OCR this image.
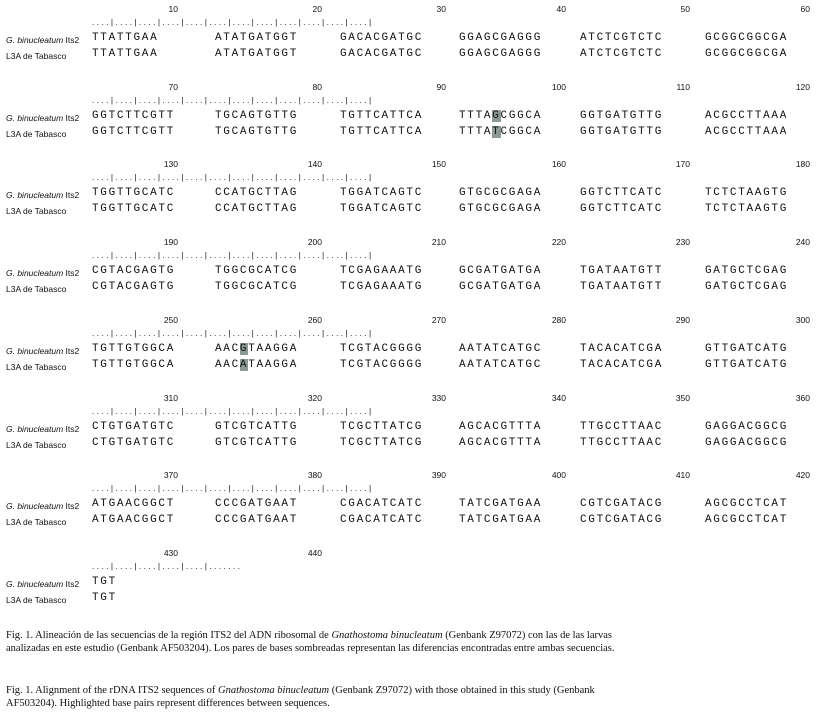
10	20	30	40	50	60
. . . . | . . . . | . . . . | . . . . | . . . . | . . . . | . . . . | . . . . | . . . . | . . . . | . . . . | . . . . |
G. binucleatum Its2
L3A de Tabasco
TTATTGAA	ATATGATGGT	GACACGATGC	GGAGCGAGGG	ATCTCGTCTC	GCGGCGGCGA
TTATTGAA	ATATGATGGT	GACACGATGC	GGAGCGAGGG	ATCTCGTCTC	GCGGCGGCGA
70	80	90	100	110	120
. . . . | . . . . | . . . . | . . . . | . . . . | . . . . | . . . . | . . . . | . . . . | . . . . | . . . . | . . . . |
G. binucleatum Its2
L3A de Tabasco
GGTCTTCGTT	TGCAGTGTTG	TGTTCATTCA	TTTAGCGGCA	GGTGATGTTG	ACGCCTTAAA
GGTCTTCGTT	TGCAGTGTTG	TGTTCATTCA	TTTATCGGCA	GGTGATGTTG	ACGCCTTAAA
130	140	150	160	170	180
. . . . | . . . . | . . . . | . . . . | . . . . | . . . . | . . . . | . . . . | . . . . | . . . . | . . . . | . . . . |
G. binucleatum Its2
L3A de Tabasco
TGGTTGCATC	CCATGCTTAG	TGGATCAGTC	GTGCGCGAGA	GGTCTTCATC	TCTCTAAGTG
TGGTTGCATC	CCATGCTTAG	TGGATCAGTC	GTGCGCGAGA	GGTCTTCATC	TCTCTAAGTG
190	200	210	220	230	240
. . . . | . . . . | . . . . | . . . . | . . . . | . . . . | . . . . | . . . . | . . . . | . . . . | . . . . | . . . . |
G. binucleatum Its2
L3A de Tabasco
CGTACGAGTG	TGGCGCATCG	TCGAGAAATG	GCGATGATGA	TGATAATGTT	GATGCTCGAG
CGTACGAGTG	TGGCGCATCG	TCGAGAAATG	GCGATGATGA	TGATAATGTT	GATGCTCGAG
250	260	270	280	290	300
. . . . | . . . . | . . . . | . . . . | . . . . | . . . . | . . . . | . . . . | . . . . | . . . . | . . . . | . . . . |
G. binucleatum Its2
L3A de Tabasco
TGTTGTGGCA	AACGTAAGGA	TCGTACGGGG	AATATCATGC	TACACATCGA	GTTGATCATG
TGTTGTGGCA	AACATAAGGA	TCGTACGGGG	AATATCATGC	TACACATCGA	GTTGATCATG
310	320	330	340	350	360
. . . . | . . . . | . . . . | . . . . | . . . . | . . . . | . . . . | . . . . | . . . . | . . . . | . . . . | . . . . |
G. binucleatum Its2
L3A de Tabasco
CTGTGATGTC	GTCGTCATTG	TCGCTTATCG	AGCACGTTTA	TTGCCTTAAC	GAGGACGGCG
CTGTGATGTC	GTCGTCATTG	TCGCTTATCG	AGCACGTTTA	TTGCCTTAAC	GAGGACGGCG
370	380	390	400	410	420
. . . . | . . . . | . . . . | . . . . | . . . . | . . . . | . . . . | . . . . | . . . . | . . . . | . . . . | . . . . |
G. binucleatum Its2
L3A de Tabasco
ATGAACGGCT	CCCGATGAAT	CGACATCATC	TATCGATGAA	CGTCGATACG	AGCGCCTCAT
ATGAACGGCT	CCCGATGAAT	CGACATCATC	TATCGATGAA	CGTCGATACG	AGCGCCTCAT
430	440
. . . . | . . . . | . . . . | . . . . | . . . . | . . . . . . .
G. binucleatum Its2
L3A de Tabasco
TGT
TGT
Fig. 1. Alineación de las secuencias de la región ITS2 del ADN ribosomal de Gnathostoma binucleatum (Genbank Z97072) con las de las larvas analizadas en este estudio (Genbank AF503204). Los pares de bases sombreadas representan las diferencias encontradas entre ambas secuencias.
Fig. 1. Alignment of the rDNA ITS2 sequences of Gnathostoma binucleatum (Genbank Z97072) with those obtained in this study (Genbank AF503204). Highlighted base pairs represent differences between sequences.
